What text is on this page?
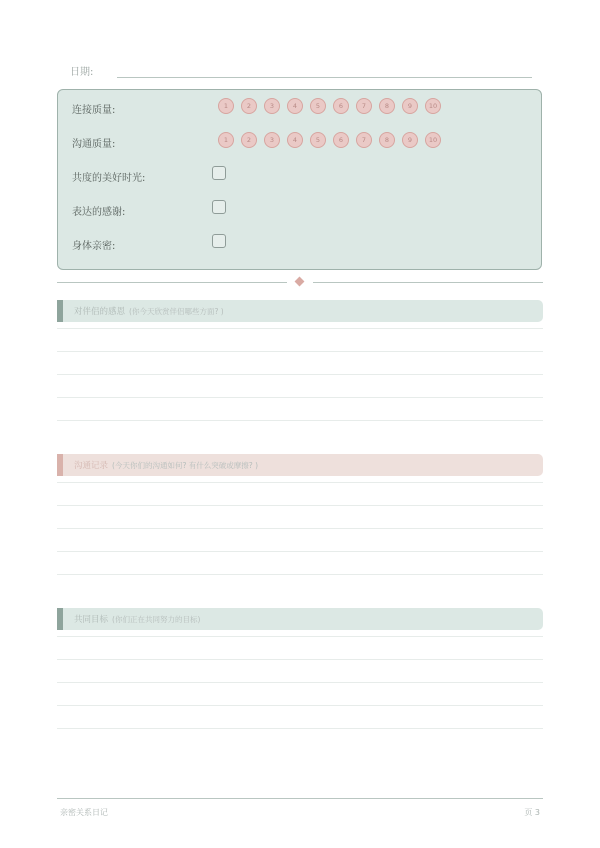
日期:
连接质量:	1	2	3	4	5	6	7	8	9	10
沟通质量:	1	2	3	4	5	6	7	8	9	10
共度的美好时光:
表达的感谢:
身体亲密:
对伴侣的感恩 (你今天欣赏伴侣哪些方面? )
沟通记录 (今天你们的沟通如何? 有什么突破或摩擦? )
共同目标 (你们正在共同努力的目标)
亲密关系日记	页 3
